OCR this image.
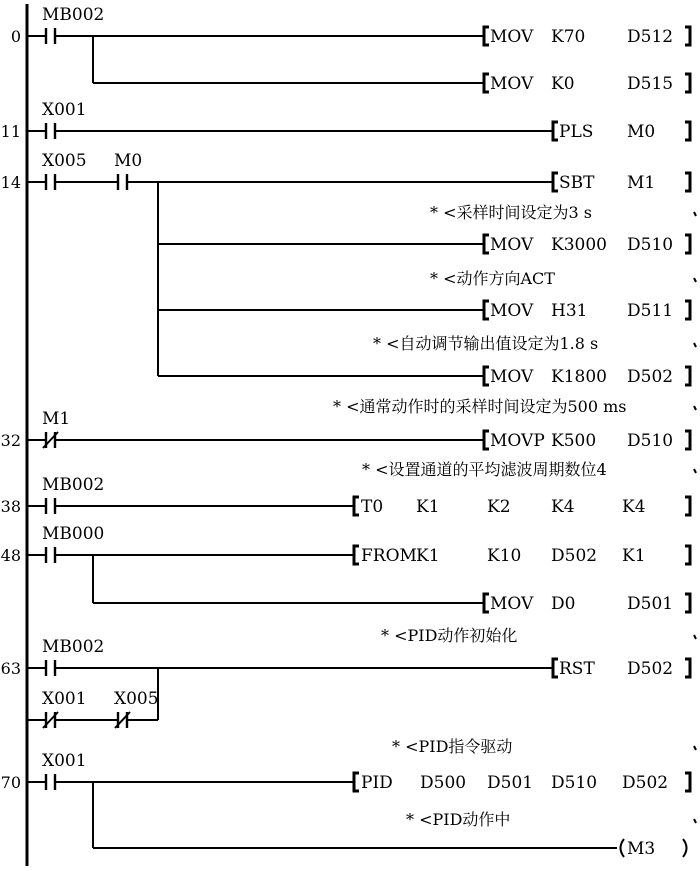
0
MB002
MOV K70 D512
MOV K0	D515
11
X001
PLS M0
14
X005 M0
SBT M1
MOV K3000 D510
MOV H31 D511
MOV K1800 D502
32
M1
MOVP K500 D510
38
MB002
T0 K1	K2 K4	K4
48
MB000
FROM K1	K10 D502 K1
MOV D0	D501
63
MB002
X001 X005
RST D502
70
X001
PID D500 D501 D510 D502
M3
* <采样时间设定为3 s
* <动作方向ACT
* <自动调节输出值设定为1.8 s
* <通常动作时的采样时间设定为500 ms
* <设置通道的平均滤波周期数位4
* <PID动作初始化
* <PID指令驱动
* <PID动作中
